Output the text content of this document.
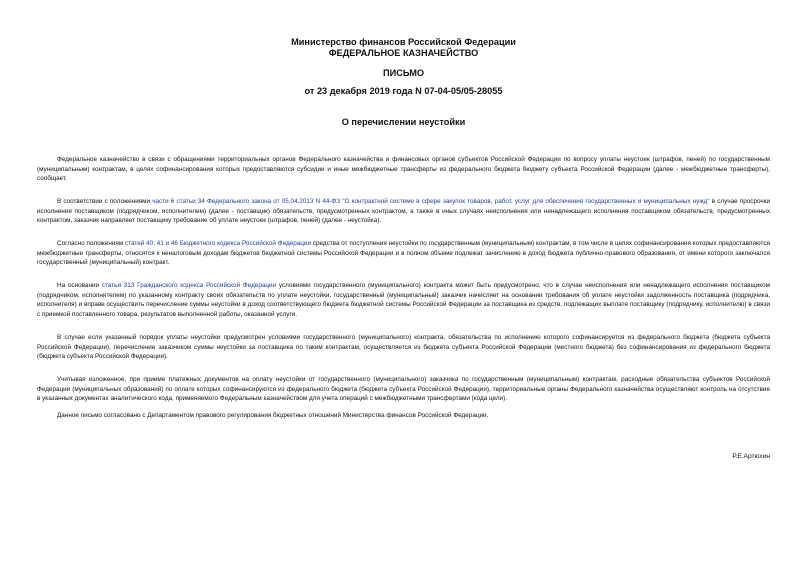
Министерство финансов Российской Федерации
ФЕДЕРАЛЬНОЕ КАЗНАЧЕЙСТВО
ПИСЬМО
от 23 декабря 2019 года N 07-04-05/05-28055
О перечислении неустойки

Федеральное казначейство в связи с обращениями территориальных органов Федерального казначейства и финансовых органов субъектов Российской Федерации по вопросу уплаты неустоек (штрафов, пеней) по государственным (муниципальным) контрактам, в целях софинансирования которых предоставляются субсидии и иные межбюджетные трансферты из федерального бюджета бюджету субъекта Российской Федерации (далее - межбюджетные трансферты), сообщает.

В соответствии с положениями части 6 статьи 34 Федерального закона от 05.04.2013 N 44-ФЗ "О контрактной системе в сфере закупок товаров, работ, услуг для обеспечения государственных и муниципальных нужд" в случае просрочки исполнения поставщиком (подрядчиком, исполнителем) (далее - поставщик) обязательств, предусмотренных контрактом, а также в иных случаях неисполнения или ненадлежащего исполнения поставщиком обязательств, предусмотренных контрактом, заказчик направляет поставщику требование об уплате неустоек (штрафов, пеней) (далее - неустойка).

Согласно положениям статей 40, 41 и 46 Бюджетного кодекса Российской Федерации средства от поступления неустойки по государственным (муниципальным) контрактам, в том числе в целях софинансирования которых предоставляются межбюджетные трансферты, относятся к неналоговым доходам бюджетов бюджетной системы Российской Федерации и в полном объеме подлежат зачислению в доход бюджета публично-правового образования, от имени которого заключался государственный (муниципальный) контракт.

На основании статьи 313 Гражданского кодекса Российской Федерации условиями государственного (муниципального) контракта может быть предусмотрено, что в случае неисполнения или ненадлежащего исполнения поставщиком (подрядчиком, исполнителем) по указанному контракту своих обязательств по уплате неустойки, государственный (муниципальный) заказчик начисляет на основании требования об уплате неустойки задолженность поставщика (подрядчика, исполнителя) и вправе осуществить перечисление суммы неустойки в доход соответствующего бюджета бюджетной системы Российской Федерации за поставщика из средств, подлежащих выплате поставщику (подрядчику, исполнителю) в связи с приемкой поставленного товара, результатов выполненной работы, оказанной услуги.

В случае если указанный порядок уплаты неустойки предусмотрен условиями государственного (муниципального) контракта, обязательства по исполнению которого софинансируется из федерального бюджета (бюджета субъекта Российской Федерации), перечисление заказчиком суммы неустойки за поставщика по таким контрактам, осуществляется из бюджета субъекта Российской Федерации (местного бюджета) без софинансирования из федерального бюджета (бюджета субъекта Российской Федерации).

Учитывая изложенное, при приеме платежных документов на оплату неустойки от государственного (муниципального) заказчика по государственным (муниципальным) контрактам, расходные обязательства субъектов Российской Федерации (муниципальных образований) по оплате которых софинансируются из федерального бюджета (бюджета субъекта Российской Федерации), территориальные органы Федерального казначейства осуществляют контроль на отсутствие в указанных документах аналитического кода, применяемого Федеральным казначейством для учета операций с межбюджетными трансфертами (кода цели).

Данное письмо согласовано с Департаментом правового регулирования бюджетных отношений Министерства финансов Российской Федерации.

Р.Е.Артюхин
